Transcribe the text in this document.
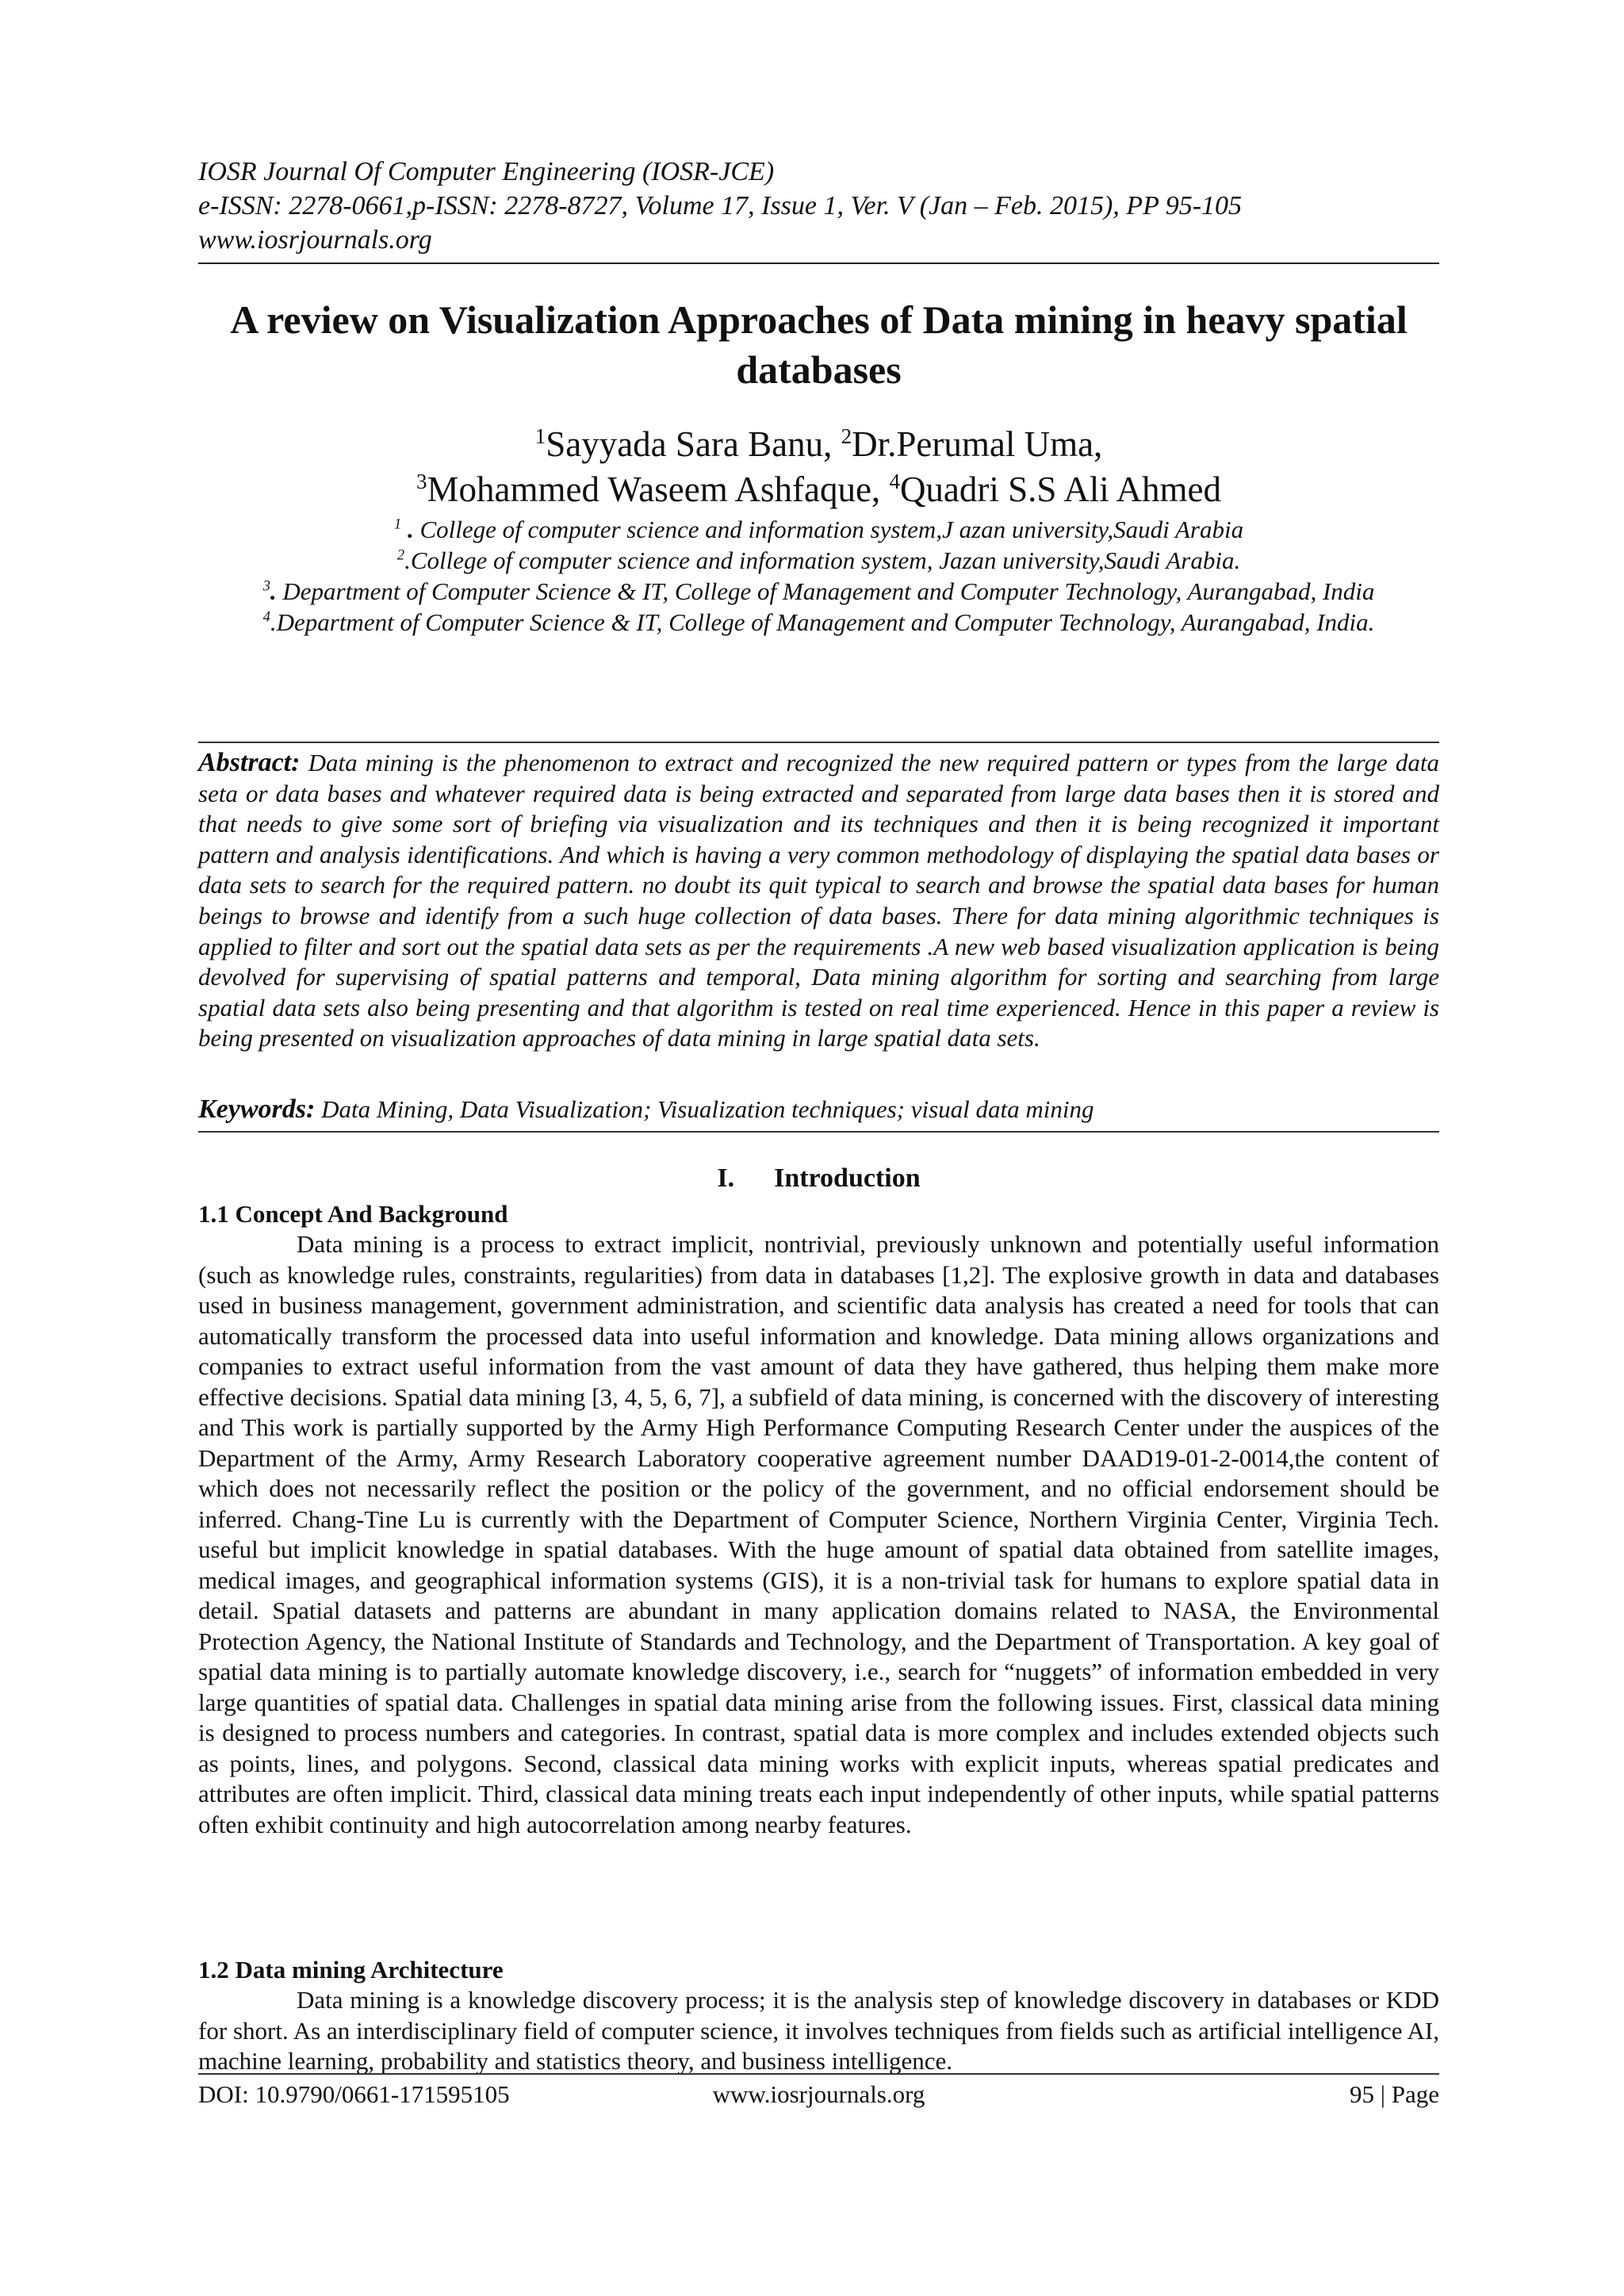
IOSR Journal Of Computer Engineering (IOSR-JCE)
e-ISSN: 2278-0661,p-ISSN: 2278-8727, Volume 17, Issue 1, Ver. V (Jan – Feb. 2015), PP 95-105
www.iosrjournals.org
A review on Visualization Approaches of Data mining in heavy spatial databases
$^1$Sayyada Sara Banu, $^2$Dr.Perumal Uma,
$^3$Mohammed Waseem Ashfaque, $^4$Quadri S.S Ali Ahmed

$^1$ . College of computer science and information system,J azan university,Saudi Arabia

$^2$.College of computer science and information system, Jazan university,Saudi Arabia.

$^3$. Department of Computer Science & IT, College of Management and Computer Technology, Aurangabad, India

$^4$.Department of Computer Science & IT, College of Management and Computer Technology, Aurangabad, India.

Abstract: Data mining is the phenomenon to extract and recognized the new required pattern or types from the large data seta or data bases and whatever required data is being extracted and separated from large data bases then it is stored and that needs to give some sort of briefing via visualization and its techniques and then it is being recognized it important pattern and analysis identifications. And which is having a very common methodology of displaying the spatial data bases or data sets to search for the required pattern. no doubt its quit typical to search and browse the spatial data bases for human beings to browse and identify from a such huge collection of data bases. There for data mining algorithmic techniques is applied to filter and sort out the spatial data sets as per the requirements .A new web based visualization application is being devolved for supervising of spatial patterns and temporal, Data mining algorithm for sorting and searching from large spatial data sets also being presenting and that algorithm is tested on real time experienced. Hence in this paper a review is being presented on visualization approaches of data mining in large spatial data sets.
Keywords: Data Mining, Data Visualization; Visualization techniques; visual data mining
I. Introduction
1.1 Concept And Background
Data mining is a process to extract implicit, nontrivial, previously unknown and potentially useful information (such as knowledge rules, constraints, regularities) from data in databases [1,2]. The explosive growth in data and databases used in business management, government administration, and scientific data analysis has created a need for tools that can automatically transform the processed data into useful information and knowledge. Data mining allows organizations and companies to extract useful information from the vast amount of data they have gathered, thus helping them make more effective decisions. Spatial data mining [3, 4, 5, 6, 7], a subfield of data mining, is concerned with the discovery of interesting and This work is partially supported by the Army High Performance Computing Research Center under the auspices of the Department of the Army, Army Research Laboratory cooperative agreement number DAAD19-01-2-0014,the content of which does not necessarily reflect the position or the policy of the government, and no official endorsement should be inferred. Chang-Tine Lu is currently with the Department of Computer Science, Northern Virginia Center, Virginia Tech. useful but implicit knowledge in spatial databases. With the huge amount of spatial data obtained from satellite images, medical images, and geographical information systems (GIS), it is a non-trivial task for humans to explore spatial data in detail. Spatial datasets and patterns are abundant in many application domains related to NASA, the Environmental Protection Agency, the National Institute of Standards and Technology, and the Department of Transportation. A key goal of spatial data mining is to partially automate knowledge discovery, i.e., search for “nuggets” of information embedded in very large quantities of spatial data. Challenges in spatial data mining arise from the following issues. First, classical data mining is designed to process numbers and categories. In contrast, spatial data is more complex and includes extended objects such as points, lines, and polygons. Second, classical data mining works with explicit inputs, whereas spatial predicates and attributes are often implicit. Third, classical data mining treats each input independently of other inputs, while spatial patterns often exhibit continuity and high autocorrelation among nearby features.
1.2 Data mining Architecture
Data mining is a knowledge discovery process; it is the analysis step of knowledge discovery in databases or KDD for short. As an interdisciplinary field of computer science, it involves techniques from fields such as artificial intelligence AI, machine learning, probability and statistics theory, and business intelligence.
DOI: 10.9790/0661-171595105	www.iosrjournals.org	95 | Page
